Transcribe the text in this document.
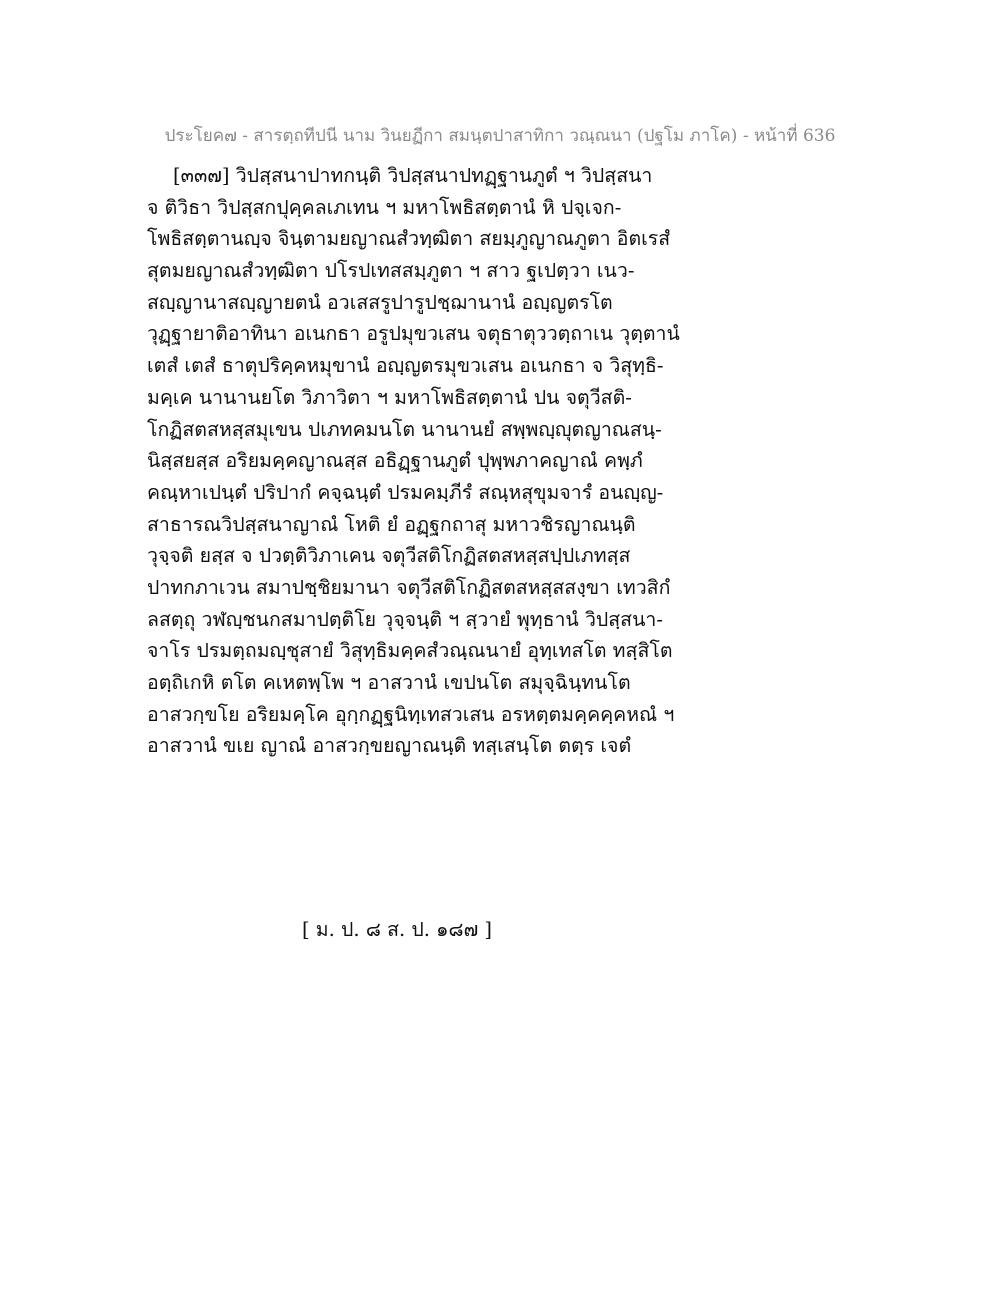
ประโยค๗ - สารตฺถทีปนี นาม วินยฏีกา สมนฺตปาสาทิกา วณฺณนา (ปฐโม ภาโค) - หน้าที่ 636
[๓๓๗] วิปสฺสนาปาทกนฺติ วิปสฺสนาปทฏฺฐานภูตํ ฯ วิปสฺสนา
จ ติวิธา วิปสฺสกปุคฺคลเภเทน ฯ มหาโพธิสตฺตานํ หิ ปจฺเจก-
โพธิสตฺตานญฺจ จินฺตามยญาณสํวทฺฒิตา สยมฺภูญาณภูตา อิตเรสํ
สุตมยญาณสํวทฺฒิตา ปโรปเทสสมฺภูตา ฯ สาว ฐเปตฺวา เนว-
สญฺญานาสญฺญายตนํ อวเสสรูปารูปชฺฌานานํ อญฺญตรโต
วุฏฺฐายาติอาทินา อเนกธา อรูปมุขวเสน จตุธาตุววตฺถาเน วุตฺตานํ
เตสํ เตสํ ธาตุปริคฺคหมุขานํ อญฺญตรมุขวเสน อเนกธา จ วิสุทฺธิ-
มคฺเค นานานยโต วิภาวิตา ฯ มหาโพธิสตฺตานํ ปน จตุวีสติ-
โกฏิสตสหสฺสมุเขน ปเภทคมนโต นานานยํ สพฺพญฺญุตญาณสนฺ-
นิสฺสยสฺส อริยมคฺคญาณสฺส อธิฏฺฐานภูตํ ปุพฺพภาคญาณํ คพฺภํ
คณฺหาเปนฺตํ ปริปากํ คจฺฉนฺตํ ปรมคมฺภีรํ สณฺหสุขุมจารํ อนญฺญ-
สาธารณวิปสฺสนาญาณํ โหติ ยํ อฏฺฐกถาสุ มหาวชิรญาณนฺติ
วุจฺจติ ยสฺส จ ปวตฺติวิภาเคน จตุวีสติโกฏิสตสหสฺสปฺปเภทสฺส
ปาทกภาเวน สมาปชฺชิยมานา จตุวีสติโกฏิสตสหสฺสสงฺขา เทวสิกํ
ลสตฺถุ วฬญฺชนกสมาปตฺติโย วุจฺจนฺติ ฯ สฺวายํ พุทฺธานํ วิปสฺสนา-
จาโร ปรมตฺถมญฺชุสายํ วิสุทฺธิมคฺคสํวณฺณนายํ อุทฺเทสโต ทสฺสิโต
อตฺถิเกหิ ตโต คเหตพฺโพ ฯ อาสวานํ เขปนโต สมุจฺฉินฺทนโต
อาสวกฺขโย อริยมคฺโค อุกฺกฏฺฐนิทฺเทสวเสน อรหตฺตมคฺคคฺคหณํ ฯ
อาสวานํ ขเย ญาณํ อาสวกฺขยญาณนฺติ ทสฺเสนฺโต ตตฺร เจตํ
[ ม. ป. ๘ ส. ป. ๑๘๗ ]
